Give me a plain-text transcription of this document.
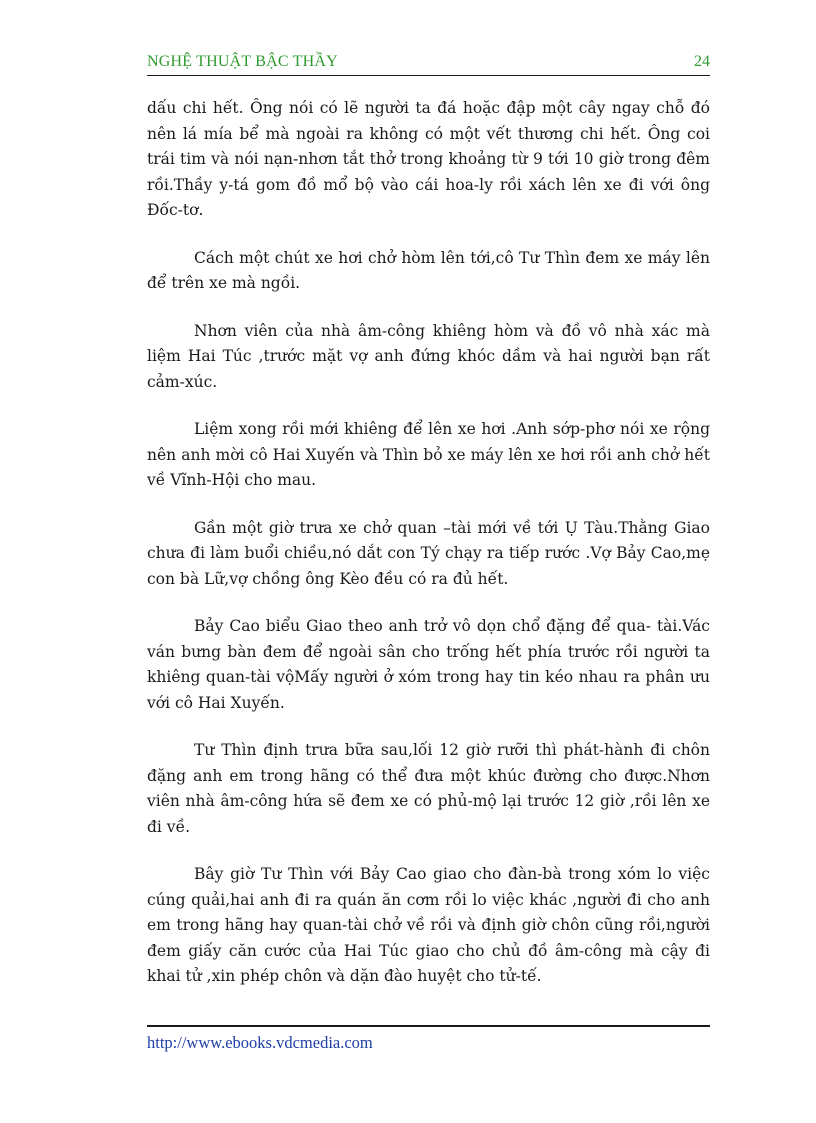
NGHỆ THUẬT BẬC THẦY	24

dấu chi hết. Ông nói có lẽ người ta đá hoặc đập một cây ngay chỗ đó nên lá mía bể mà ngoài ra không có một vết thương chi hết. Ông coi trái tim và nói nạn-nhơn tắt thở trong khoảng từ 9 tới 10 giờ trong đêm rồi.Thầy y-tá gom đồ mổ bộ vào cái hoa-ly rồi xách lên xe đi với ông Đốc-tơ.

Cách một chút xe hơi chở hòm lên tới,cô Tư Thìn đem xe máy lên để trên xe mà ngồi.

Nhơn viên của nhà âm-công khiêng hòm và đồ vô nhà xác mà liệm Hai Túc ,trước mặt vợ anh đứng khóc dầm và hai người bạn rất cảm-xúc.

Liệm xong rồi mới khiêng để lên xe hơi .Anh sớp-phơ nói xe rộng nên anh mời cô Hai Xuyến và Thìn bỏ xe máy lên xe hơi rồi anh chở hết về Vĩnh-Hội cho mau.

Gần một giờ trưa xe chở quan –tài mới về tới Ụ Tàu.Thằng Giao chưa đi làm buổi chiều,nó dắt con Tý chạy ra tiếp rước .Vợ Bảy Cao,mẹ con bà Lữ,vợ chồng ông Kèo đều có ra đủ hết.

Bảy Cao biểu Giao theo anh trở vô dọn chổ đặng để qua- tài.Vác ván bưng bàn đem để ngoài sân cho trống hết phía trước rồi người ta khiêng quan-tài vộMấy người ở xóm trong hay tin kéo nhau ra phân ưu với cô Hai Xuyến.

Tư Thìn định trưa bữa sau,lối 12 giờ rưỡi thì phát-hành đi chôn đặng anh em trong hãng có thể đưa một khúc đường cho được.Nhơn viên nhà âm-công hứa sẽ đem xe có phủ-mộ lại trước 12 giờ ,rồi lên xe đi về.

Bây giờ Tư Thìn với Bảy Cao giao cho đàn-bà trong xóm lo việc cúng quải,hai anh đi ra quán ăn cơm rồi lo việc khác ,người đi cho anh em trong hãng hay quan-tài chở về rồi và định giờ chôn cũng rồi,người đem giấy căn cước của Hai Túc giao cho chủ đồ âm-công mà cậy đi khai tử ,xin phép chôn và dặn đào huyệt cho tử-tế.

http://www.ebooks.vdcmedia.com
